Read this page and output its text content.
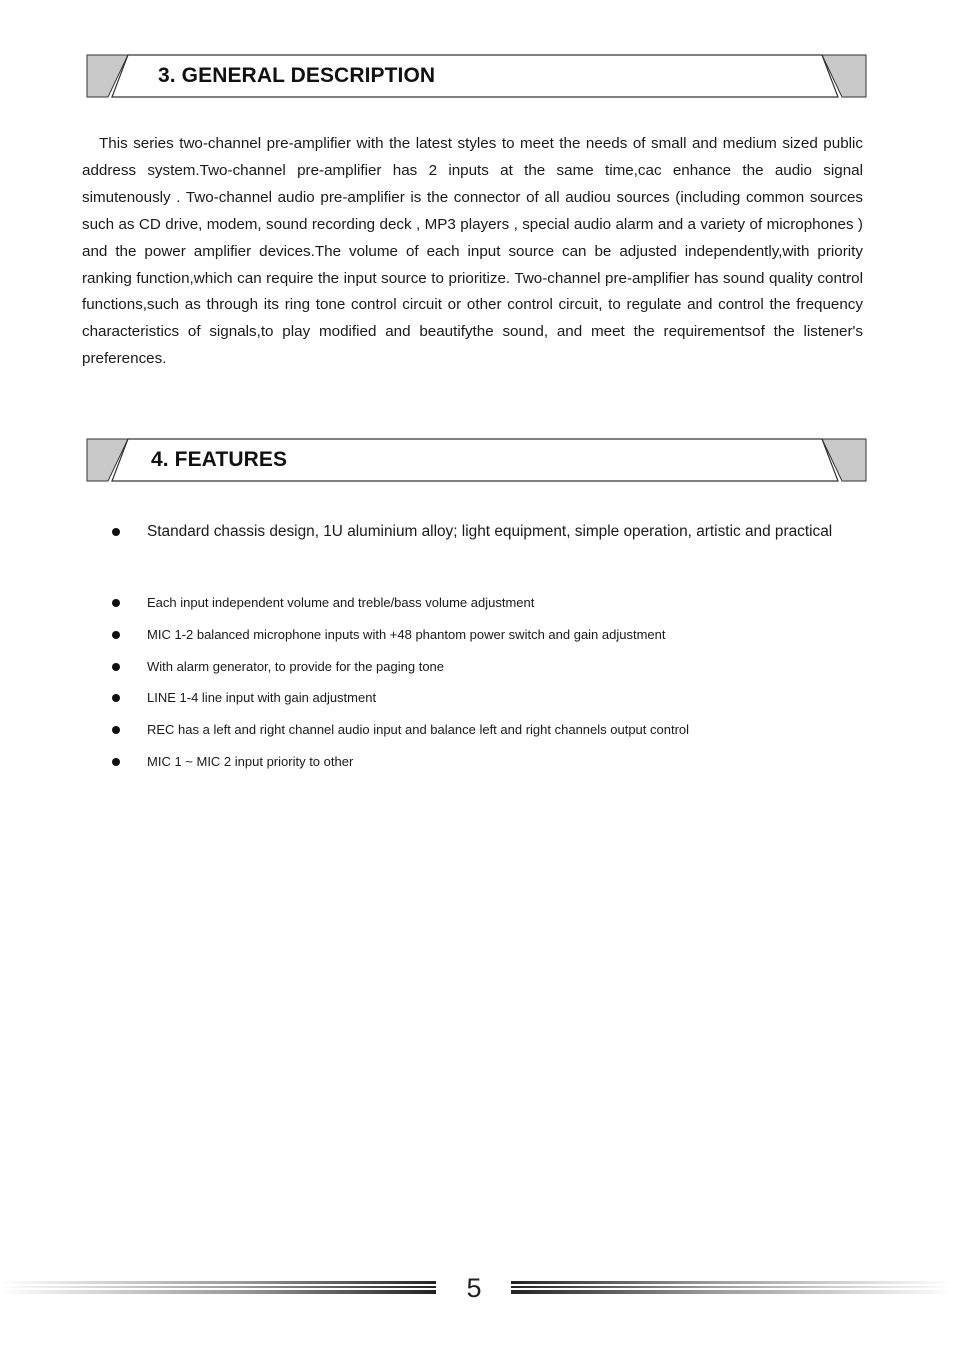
3. GENERAL DESCRIPTION

This series two-channel pre-amplifier with the latest styles to meet the needs of small and medium sized public address system.Two-channel pre-amplifier has 2 inputs at the same time,cac enhance the audio signal simutenously . Two-channel audio pre-amplifier is the connector of all audiou sources (including common sources such as CD drive, modem, sound recording deck , MP3 players , special audio alarm and a variety of microphones ) and the power amplifier devices.The volume of each input source can be adjusted independently,with priority ranking function,which can require the input source to prioritize. Two-channel pre-amplifier has sound quality control functions,such as through its ring tone control circuit or other control circuit, to regulate and control the frequency characteristics of signals,to play modified and beautifythe sound, and meet the requirementsof the listener's preferences.

4. FEATURES
Standard chassis design, 1U aluminium alloy; light equipment, simple operation, artistic and practical
Each input independent volume and treble/bass volume adjustment
MIC 1-2 balanced microphone inputs with +48 phantom power switch and gain adjustment
With alarm generator, to provide for the paging tone
LINE 1-4 line input with gain adjustment
REC has a left and right channel audio input and balance left and right channels output control
MIC 1 ~ MIC 2 input priority to other
5
